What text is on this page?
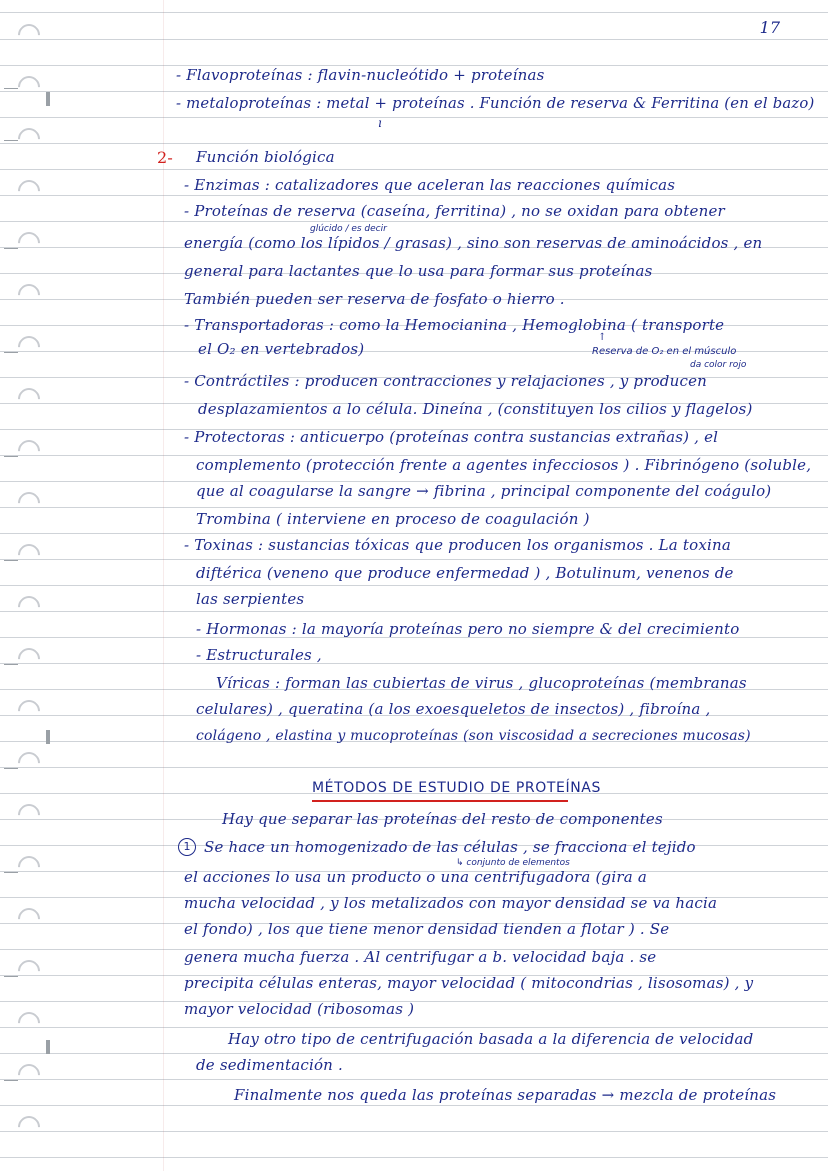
17
- Flavoproteínas : flavin-nucleótido + proteínas
- metaloproteínas : metal + proteínas . Función de reserva & Ferritina (en el bazo)
ı
2- Función biológica
- Enzimas : catalizadores que aceleran las reacciones químicas
glúcido / es decir
- Proteínas de reserva (caseína, ferritina) , no se oxidan para obtener
energía (como los lípidos / grasas) , sino son reservas de aminoácidos , en
general para lactantes que lo usa para formar sus proteínas
También pueden ser reserva de fosfato o hierro .
- Transportadoras : como la Hemocianina , Hemoglobina ( transporte
el O₂ en vertebrados)
↑
Reserva de O₂ en el músculo
da color rojo
- Contráctiles : producen contracciones y relajaciones , y producen
desplazamientos a lo célula. Dineína , (constituyen los cilios y flagelos)
- Protectoras : anticuerpo (proteínas contra sustancias extrañas) , el
complemento (protección frente a agentes infecciosos ) . Fibrinógeno (soluble,
que al coagularse la sangre → fibrina , principal componente del coágulo)
Trombina ( interviene en proceso de coagulación )
- Toxinas : sustancias tóxicas que producen los organismos . La toxina
diftérica (veneno que produce enfermedad ) , Botulinum, venenos de
las serpientes
- Hormonas : la mayoría proteínas pero no siempre & del crecimiento
- Estructurales ,
Víricas : forman las cubiertas de virus , glucoproteínas (membranas
celulares) , queratina (a los exoesqueletos de insectos) , fibroína ,
colágeno , elastina y mucoproteínas (son viscosidad a secreciones mucosas)
MÉTODOS DE ESTUDIO DE PROTEÍNAS
Hay que separar las proteínas del resto de componentes
1 Se hace un homogenizado de las células , se fracciona el tejido
↳ conjunto de elementos
el acciones lo usa un producto o una centrifugadora (gira a
mucha velocidad , y los metalizados con mayor densidad se va hacia
el fondo) , los que tiene menor densidad tienden a flotar ) . Se
genera mucha fuerza . Al centrifugar a b. velocidad baja . se
precipita células enteras, mayor velocidad ( mitocondrias , lisosomas) , y
mayor velocidad (ribosomas )
Hay otro tipo de centrifugación basada a la diferencia de velocidad
de sedimentación .
Finalmente nos queda las proteínas separadas → mezcla de proteínas
